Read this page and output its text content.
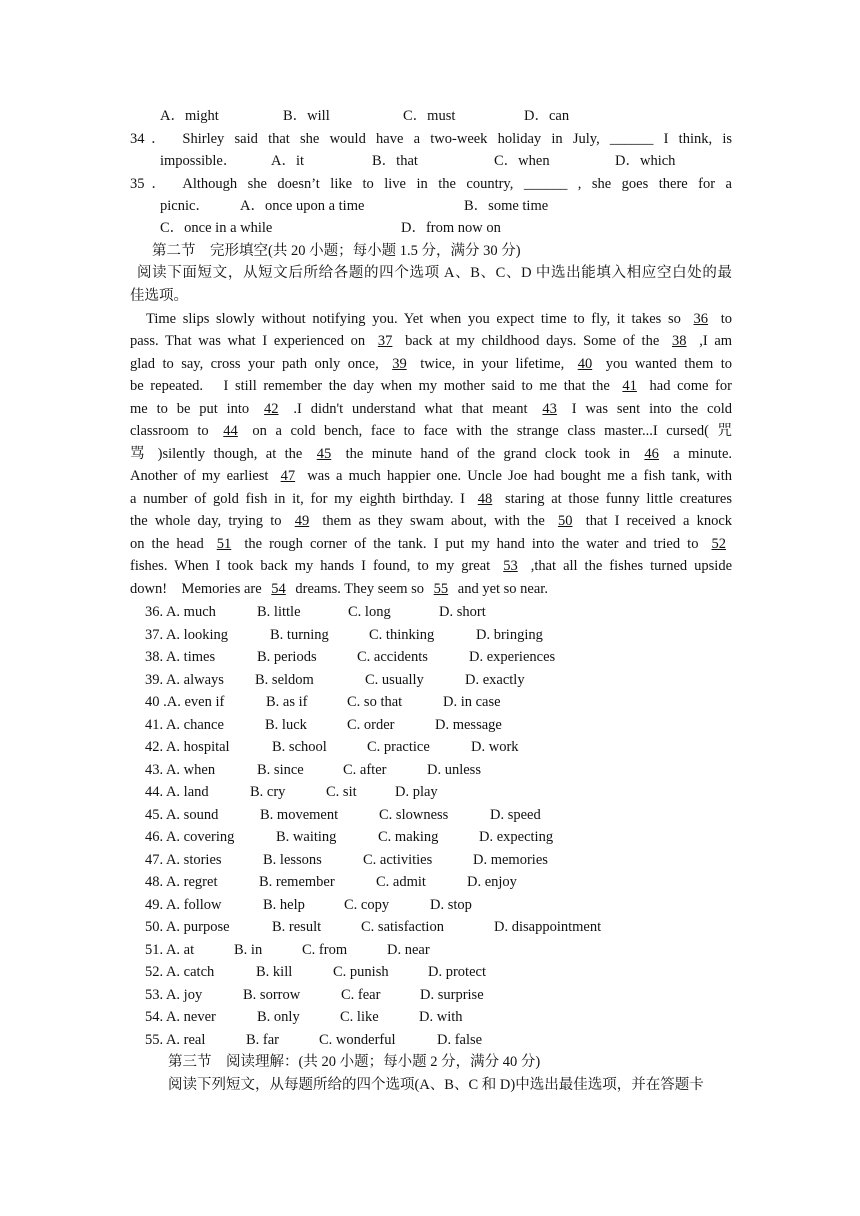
A．might	B．will	C．must	D．can
34． Shirley said that she would have a two-week holiday in July, ______ I think, is
impossible． A．it	B．that	C．when	D．which
35． Although she doesn’t like to live in the country, ______ , she goes there for a
picnic． A．once upon a time	B．some time
C．once in a while	D．from now on
第二节　完形填空(共 20 小题；每小题 1.5 分，满分 30 分)
阅读下面短文，从短文后所给各题的四个选项 A、B、C、D 中选出能填入相应空白处的最
佳选项。
Time slips slowly without notifying you. Yet when you expect time to fly, it takes so 36 to
pass. That was what I experienced on 37 back at my childhood days. Some of the 38 ,I am
glad to say, cross your path only once, 39 twice, in your lifetime, 40 you wanted them to
be repeated.　I still remember the day when my mother said to me that the 41 had come for
me to be put into 42 .I didn't understand what that meant 43 I was sent into the cold
classroom to 44 on a cold bench, face to face with the strange class master...I cursed( 咒
骂 )silently though, at the 45 the minute hand of the grand clock took in 46 a minute.
Another of my earliest 47 was a much happier one. Uncle Joe had bought me a fish tank, with
a number of gold fish in it, for my eighth birthday. I 48 staring at those funny little creatures
the whole day, trying to 49 them as they swam about, with the 50 that I received a knock
on the head 51 the rough corner of the tank. I put my hand into the water and tried to 52
fishes. When I took back my hands I found, to my great 53 ,that all the fishes turned upside
down!　Memories are 54 dreams. They seem so 55 and yet so near.
36. A. much	B. little	C. long	D. short
37. A. looking	B. turning	C. thinking	D. bringing
38. A. times	B. periods	C. accidents	D. experiences
39. A. always B. seldom	C. usually	D. exactly
40 .A. even if	B. as if	C. so that	D. in case
41. A. chance	B. luck	C. order	D. message
42. A. hospital	B. school	C. practice	D. work
43. A. when	B. since	C. after	D. unless
44. A. land	B. cry	C. sit	D. play
45. A. sound	B. movement	C. slowness	D. speed
46. A. covering	B. waiting	C. making	D. expecting
47. A. stories	B. lessons	C. activities	D. memories
48. A. regret	B. remember	C. admit	D. enjoy
49. A. follow	B. help	C. copy	D. stop
50. A. purpose	B. result	C. satisfaction	D. disappointment
51. A. at	B. in	C. from	D. near
52. A. catch	B. kill	C. punish	D. protect
53. A. joy	B. sorrow	C. fear	D. surprise
54. A. never	B. only	C. like	D. with
55. A. real	B. far	C. wonderful	D. false
第三节　阅读理解：(共 20 小题；每小题 2 分，满分 40 分)
阅读下列短文，从每题所给的四个选项(A、B、C 和 D)中选出最佳选项，并在答题卡
